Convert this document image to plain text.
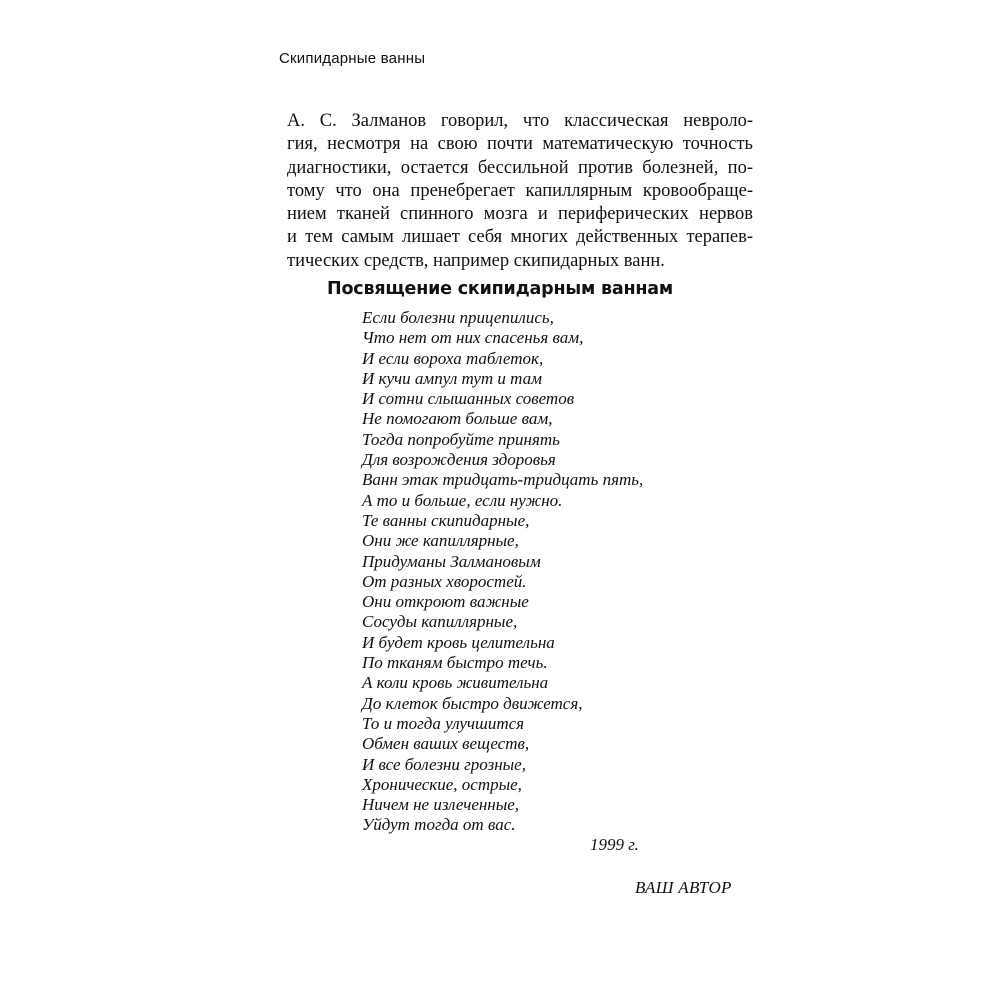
Скипидарные ванны

А. С. Залманов говорил, что классическая невроло-
гия, несмотря на свою почти математическую точность
диагностики, остается бессильной против болезней, по-
тому что она пренебрегает капиллярным кровообраще-
нием тканей спинного мозга и периферических нервов
и тем самым лишает себя многих действенных терапев-
тических средств, например скипидарных ванн.

Посвящение скипидарным ваннам
Если болезни прицепились,
Что нет от них спасенья вам,
И если вороха таблеток,
И кучи ампул тут и там
И сотни слышанных советов
Не помогают больше вам,
Тогда попробуйте принять
Для возрождения здоровья
Ванн этак тридцать-тридцать пять,
А то и больше, если нужно.
Те ванны скипидарные,
Они же капиллярные,
Придуманы Залмановым
От разных хворостей.
Они откроют важные
Сосуды капиллярные,
И будет кровь целительна
По тканям быстро течь.
А коли кровь живительна
До клеток быстро движется,
То и тогда улучшится
Обмен ваших веществ,
И все болезни грозные,
Хронические, острые,
Ничем не излеченные,
Уйдут тогда от вас.
1999 г.
ВАШ АВТОР
